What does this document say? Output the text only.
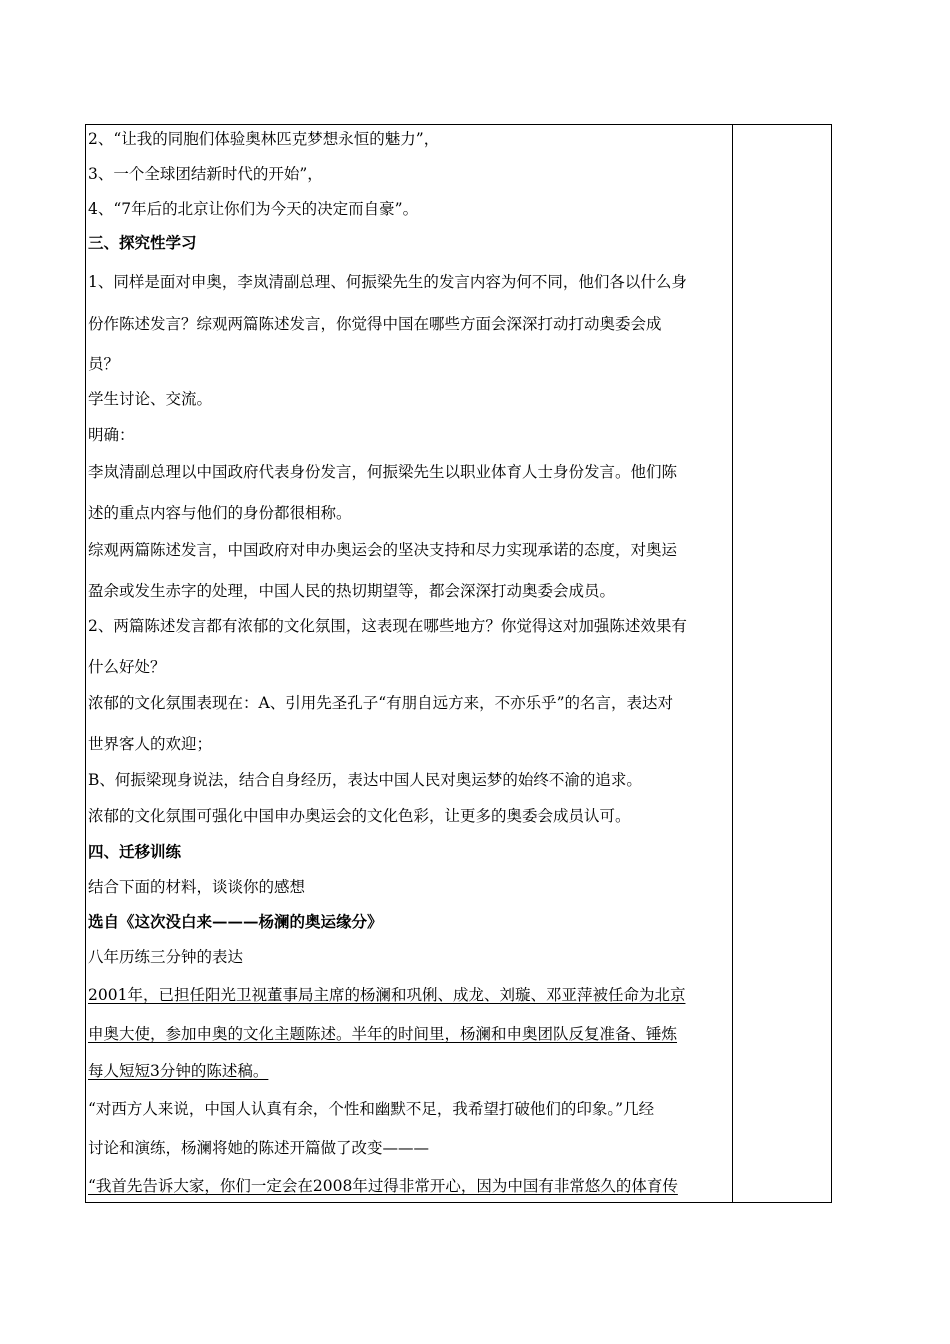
2、“让我的同胞们体验奥林匹克梦想永恒的魅力”，
3、一个全球团结新时代的开始”，
4、“7年后的北京让你们为今天的决定而自豪”。
三、探究性学习
1、同样是面对申奥，李岚清副总理、何振梁先生的发言内容为何不同，他们各以什么身
份作陈述发言？综观两篇陈述发言，你觉得中国在哪些方面会深深打动打动奥委会成
员？
学生讨论、交流。
明确：
李岚清副总理以中国政府代表身份发言，何振梁先生以职业体育人士身份发言。他们陈
述的重点内容与他们的身份都很相称。
综观两篇陈述发言，中国政府对申办奥运会的坚决支持和尽力实现承诺的态度，对奥运
盈余或发生赤字的处理，中国人民的热切期望等，都会深深打动奥委会成员。
2、两篇陈述发言都有浓郁的文化氛围，这表现在哪些地方？你觉得这对加强陈述效果有
什么好处？
浓郁的文化氛围表现在：A、引用先圣孔子“有朋自远方来，不亦乐乎”的名言，表达对
世界客人的欢迎；
B、何振梁现身说法，结合自身经历，表达中国人民对奥运梦的始终不渝的追求。
浓郁的文化氛围可强化中国申办奥运会的文化色彩，让更多的奥委会成员认可。
四、迁移训练
结合下面的材料，谈谈你的感想
选自《这次没白来———杨澜的奥运缘分》
八年历练三分钟的表达
2001年，已担任阳光卫视董事局主席的杨澜和巩俐、成龙、刘璇、邓亚萍被任命为北京
申奥大使，参加申奥的文化主题陈述。半年的时间里，杨澜和申奥团队反复准备、锤炼
每人短短3分钟的陈述稿。
“对西方人来说，中国人认真有余，个性和幽默不足，我希望打破他们的印象。”几经
讨论和演练，杨澜将她的陈述开篇做了改变———
“我首先告诉大家，你们一定会在2008年过得非常开心，因为中国有非常悠久的体育传
